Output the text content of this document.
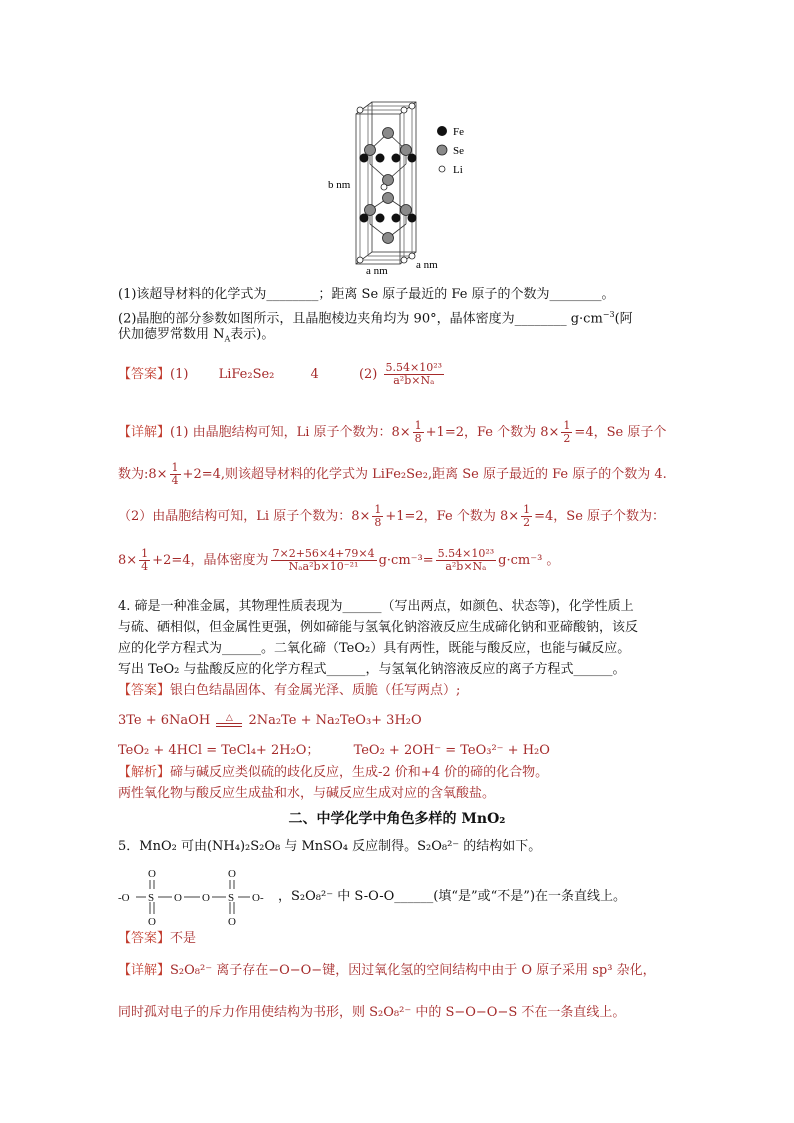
b nm
a nm	a nm
Fe
Se
Li
(1)该超导材料的化学式为________；距离 Se 原子最近的 Fe 原子的个数为________。
(2)晶胞的部分参数如图所示，且晶胞棱边夹角均为 90°，晶体密度为________ $g\cdot cm^{-3}$(阿
伏加德罗常数用 $N_A$表示)。
【答案】(1) LiFe₂Se₂	4	$(2) \frac{\text{5.54×10²³}}{\text{a²b×Nₐ}}$
【详解】(1) 由晶胞结构可知，Li 原子个数为：$8\times \frac{1}{8} +1=2$，Fe 个数为 $8\times \frac{1}{2} =4$，Se 原子个
数为:8× $\frac{1}{4} +2=4$,则该超导材料的化学式为 LiFe₂Se₂,距离 Se 原子最近的 Fe 原子的个数为 4.
（2）由晶胞结构可知，Li 原子个数为：$8\times \frac{1}{8} +1=2$，Fe 个数为 $8\times \frac{1}{2} =4$，Se 原子个数为：
$8\times \frac{1}{4} +2=4$，晶体密度为 $\frac{7\times 2+56\times 4+79\times 4}{\text{Nₐa²b×10⁻²¹}} g\cdot cm^{-3}= \frac{\text{5.54×10²³}}{\text{a²b×Nₐ}} g\cdot cm^{-3}$ 。
4. 碲是一种准金属，其物理性质表现为______（写出两点，如颜色、状态等)，化学性质上
与硫、硒相似，但金属性更强，例如碲能与氢氧化钠溶液反应生成碲化钠和亚碲酸钠，该反
应的化学方程式为______。二氧化碲（TeO₂）具有两性，既能与酸反应，也能与碱反应。
写出 TeO₂ 与盐酸反应的化学方程式______，与氢氧化钠溶液反应的离子方程式______。
【答案】银白色结晶固体、有金属光泽、质脆（任写两点）;
3Te + 6NaOH △ 2Na₂Te + Na₂TeO₃+ 3H₂O
TeO₂ + 4HCl = TeCl₄+ 2H₂O；	TeO₂ + 2OH⁻ = TeO₃²⁻ + H₂O
【解析】碲与碱反应类似硫的歧化反应，生成-2 价和+4 价的碲的化合物。
两性氧化物与酸反应生成盐和水，与碱反应生成对应的含氧酸盐。
二、中学化学中角色多样的 MnO₂
5．MnO₂ 可由(NH₄)₂S₂O₈ 与 MnSO₄ 反应制得。S₂O₈²⁻ 的结构如下。
-O S
O
O
O O S
O
O
O- ，S₂O₈²⁻ 中 S-O-O______(填“是”或“不是”)在一条直线上。
【答案】不是
【详解】S₂O₈²⁻ 离子存在−O−O−键，因过氧化氢的空间结构中由于 O 原子采用 sp³ 杂化，
同时孤对电子的斥力作用使结构为书形，则 S₂O₈²⁻ 中的 S−O−O−S 不在一条直线上。
